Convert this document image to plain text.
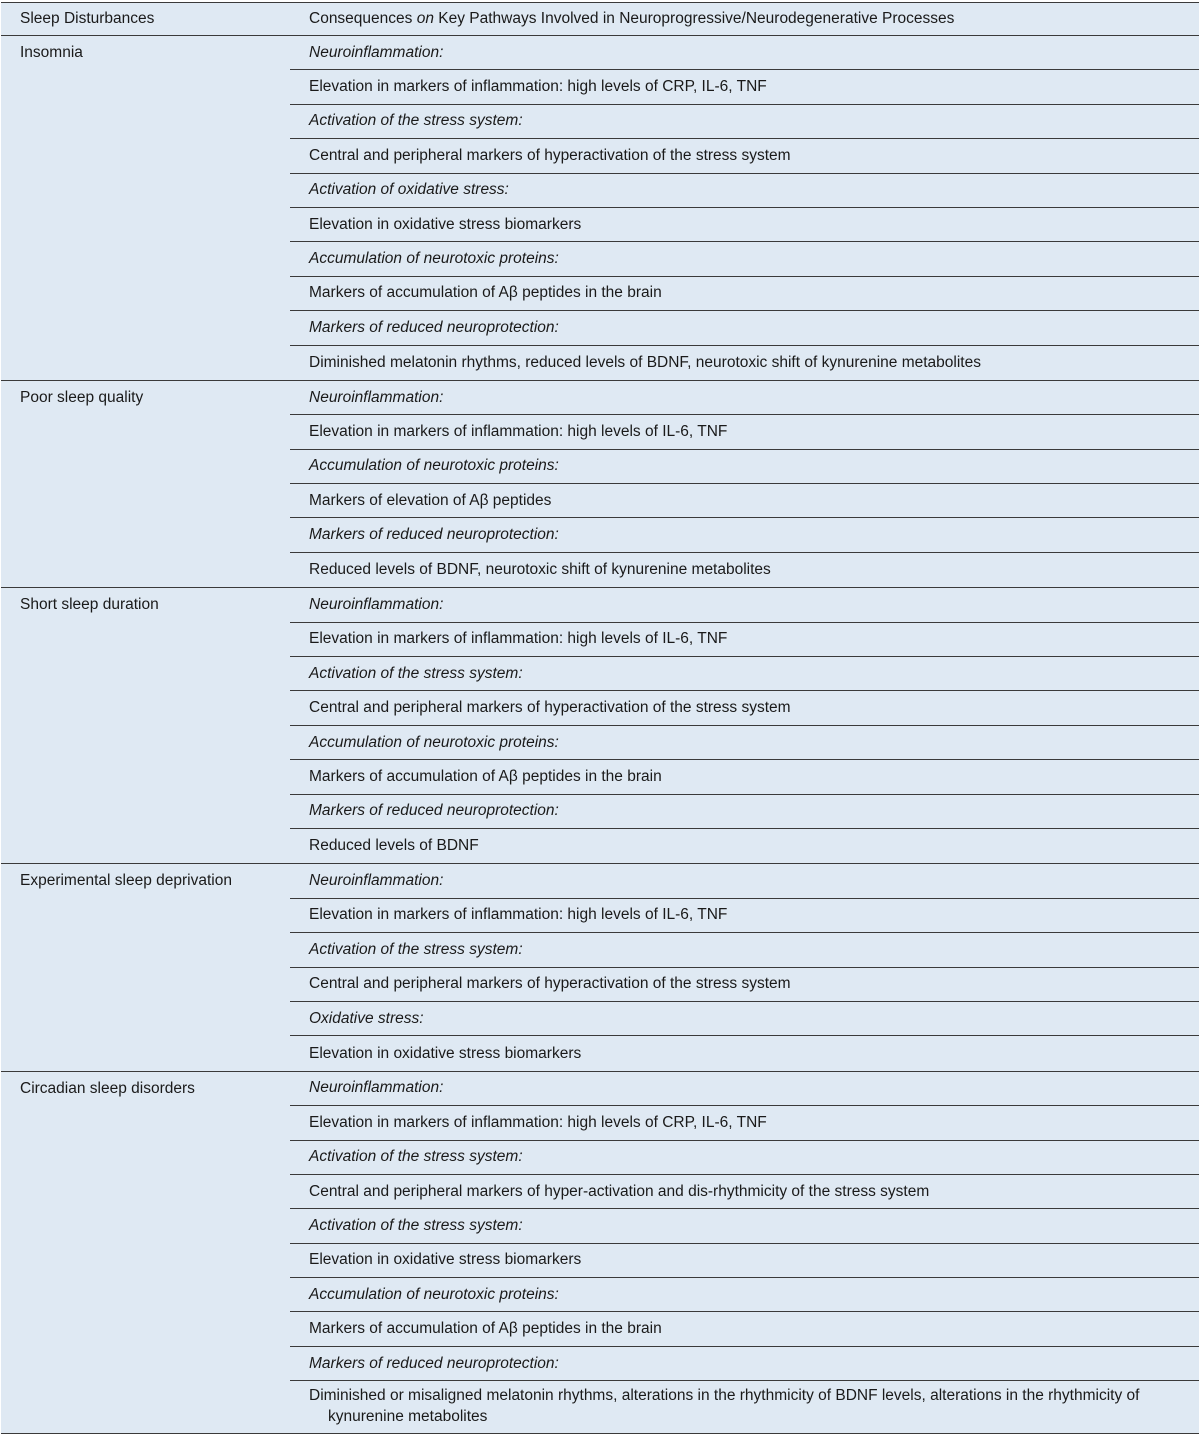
Sleep Disturbances	Consequences on Key Pathways Involved in Neuroprogressive/Neurodegenerative Processes
Insomnia	Neuroinflammation:
Elevation in markers of inflammation: high levels of CRP, IL-6, TNF
Activation of the stress system:
Central and peripheral markers of hyperactivation of the stress system
Activation of oxidative stress:
Elevation in oxidative stress biomarkers
Accumulation of neurotoxic proteins:
Markers of accumulation of Aβ peptides in the brain
Markers of reduced neuroprotection:
Diminished melatonin rhythms, reduced levels of BDNF, neurotoxic shift of kynurenine metabolites
Poor sleep quality	Neuroinflammation:
Elevation in markers of inflammation: high levels of IL-6, TNF
Accumulation of neurotoxic proteins:
Markers of elevation of Aβ peptides
Markers of reduced neuroprotection:
Reduced levels of BDNF, neurotoxic shift of kynurenine metabolites
Short sleep duration	Neuroinflammation:
Elevation in markers of inflammation: high levels of IL-6, TNF
Activation of the stress system:
Central and peripheral markers of hyperactivation of the stress system
Accumulation of neurotoxic proteins:
Markers of accumulation of Aβ peptides in the brain
Markers of reduced neuroprotection:
Reduced levels of BDNF
Experimental sleep deprivation	Neuroinflammation:
Elevation in markers of inflammation: high levels of IL-6, TNF
Activation of the stress system:
Central and peripheral markers of hyperactivation of the stress system
Oxidative stress:
Elevation in oxidative stress biomarkers
Circadian sleep disorders	Neuroinflammation:
Elevation in markers of inflammation: high levels of CRP, IL-6, TNF
Activation of the stress system:
Central and peripheral markers of hyper-activation and dis-rhythmicity of the stress system
Activation of the stress system:
Elevation in oxidative stress biomarkers
Accumulation of neurotoxic proteins:
Markers of accumulation of Aβ peptides in the brain
Markers of reduced neuroprotection:
Diminished or misaligned melatonin rhythms, alterations in the rhythmicity of BDNF levels, alterations in the rhythmicity of kynurenine metabolites
